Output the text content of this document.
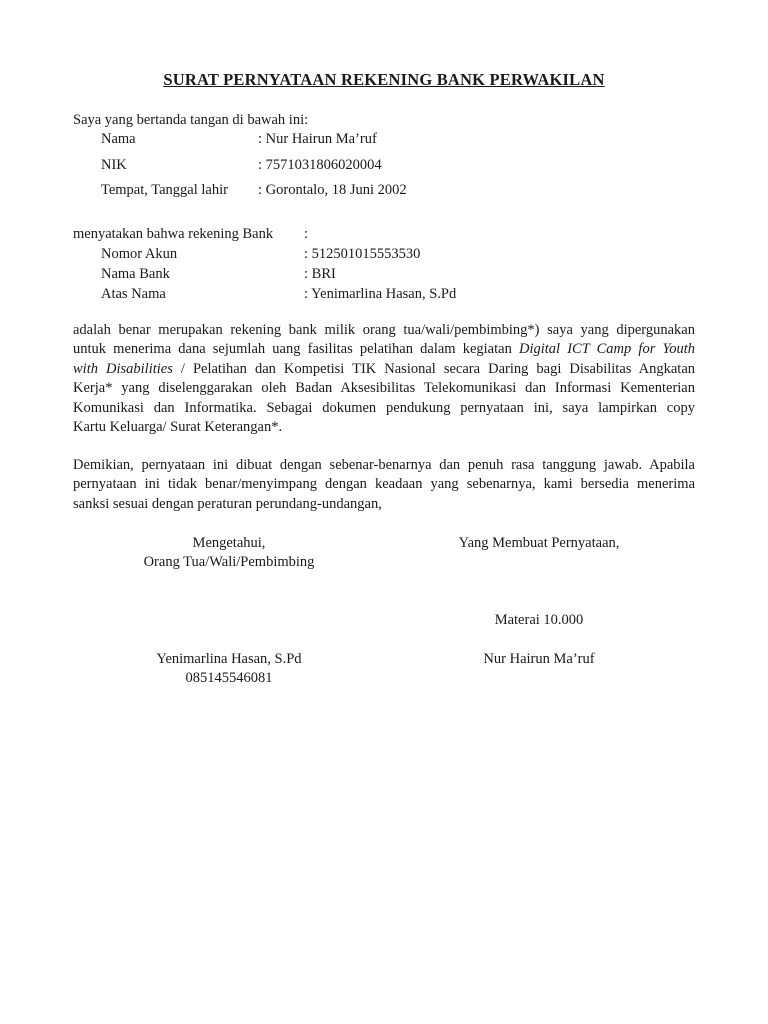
SURAT PERNYATAAN REKENING BANK PERWAKILAN
Saya yang bertanda tangan di bawah ini:
Nama	: Nur Hairun Ma’ruf
NIK	: 7571031806020004
Tempat, Tanggal lahir : Gorontalo, 18 Juni 2002
menyatakan bahwa rekening Bank :
Nomor Akun	: 512501015553530
Nama Bank	: BRI
Atas Nama	: Yenimarlina Hasan, S.Pd
adalah benar merupakan rekening bank milik orang tua/wali/pembimbing*) saya yang dipergunakan
untuk menerima dana sejumlah uang fasilitas pelatihan dalam kegiatan Digital ICT Camp for Youth
with Disabilities / Pelatihan dan Kompetisi TIK Nasional secara Daring bagi Disabilitas Angkatan
Kerja* yang diselenggarakan oleh Badan Aksesibilitas Telekomunikasi dan Informasi Kementerian
Komunikasi dan Informatika. Sebagai dokumen pendukung pernyataan ini, saya lampirkan copy
Kartu Keluarga/ Surat Keterangan*.
Demikian, pernyataan ini dibuat dengan sebenar-benarnya dan penuh rasa tanggung jawab. Apabila
pernyataan ini tidak benar/menyimpang dengan keadaan yang sebenarnya, kami bersedia menerima
sanksi sesuai dengan peraturan perundang-undangan,
Mengetahui,
Orang Tua/Wali/Pembimbing
Yang Membuat Pernyataan,
Materai 10.000
Yenimarlina Hasan, S.Pd
085145546081
Nur Hairun Ma’ruf
